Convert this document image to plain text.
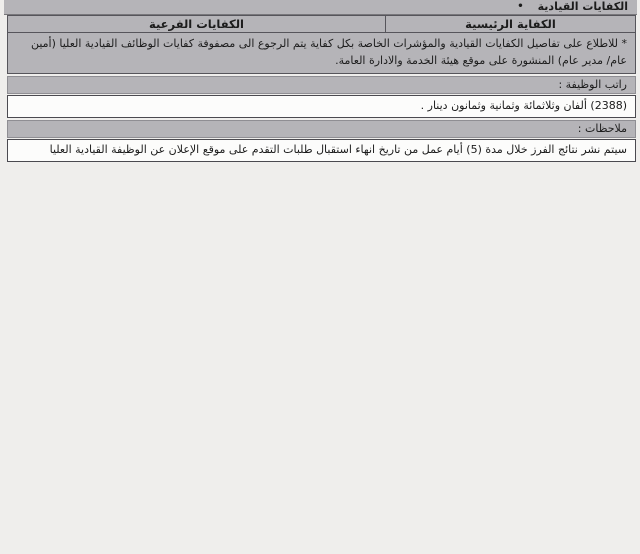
الكفايات القيادية
•
الكفاية الرئيسية	الكفايات الفرعية
* للاطلاع على تفاصيل الكفايات القيادية والمؤشرات الخاصة بكل كفاية يتم الرجوع الى مصفوفة كفايات الوظائف القيادية العليا (أمين عام/ مدير عام) المنشورة على موقع هيئة الخدمة والادارة العامة.
راتب الوظيفة :
(2388) ألفان وثلاثمائة وثمانية وثمانون دينار .
ملاحظات :
سيتم نشر نتائج الفرز خلال مدة (5) أيام عمل من تاريخ انهاء استقبال طلبات التقدم على موقع الإعلان عن الوظيفة القيادية العليا
